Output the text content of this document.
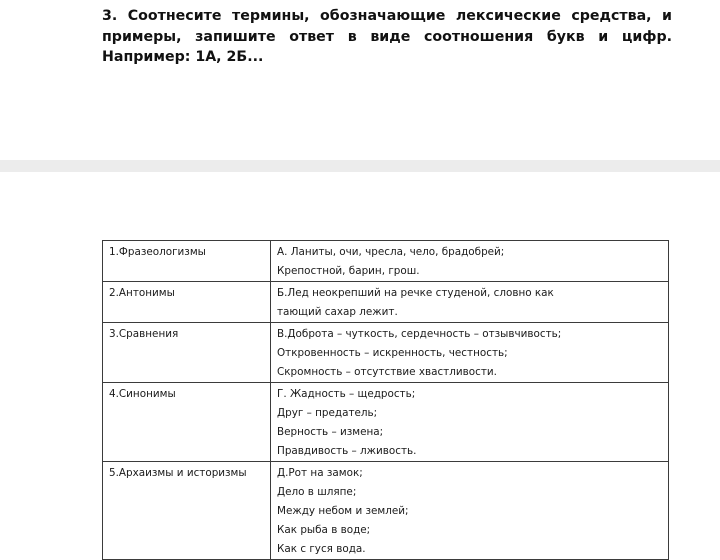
3. Соотнесите термины, обозначающие лексические средства, и
примеры, запишите ответ в виде соотношения букв и цифр.
Например: 1А, 2Б...
1.Фразеологизмы	А. Ланиты, очи, чресла, чело, брадобрей;
Крепостной, барин, грош.

2.Антонимы	Б.Лед неокрепший на речке студеной, словно как
тающий сахар лежит.

3.Сравнения	В.Доброта – чуткость, сердечность – отзывчивость;
Откровенность – искренность, честность;
Скромность – отсутствие хвастливости.

4.Синонимы	Г. Жадность – щедрость;
Друг – предатель;
Верность – измена;
Правдивость – лживость.

5.Архаизмы и историзмы	Д.Рот на замок;
Дело в шляпе;
Между небом и землей;
Как рыба в воде;
Как с гуся вода.
